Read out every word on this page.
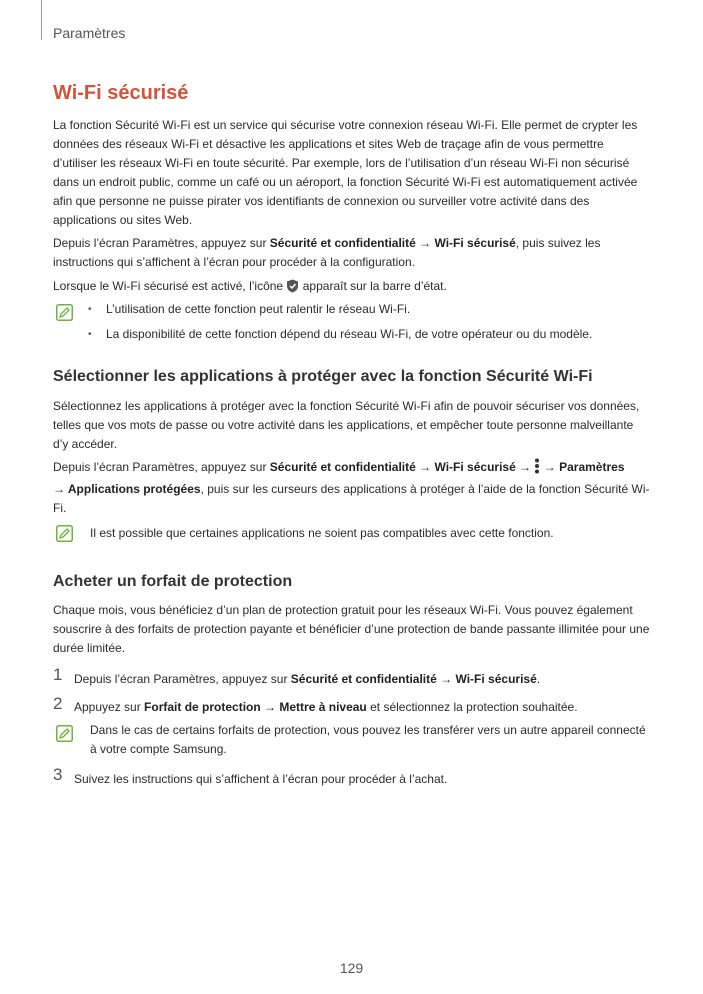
Paramètres
Wi-Fi sécurisé
La fonction Sécurité Wi-Fi est un service qui sécurise votre connexion réseau Wi-Fi. Elle permet de crypter les données des réseaux Wi-Fi et désactive les applications et sites Web de traçage afin de vous permettre d’utiliser les réseaux Wi-Fi en toute sécurité. Par exemple, lors de l’utilisation d’un réseau Wi-Fi non sécurisé dans un endroit public, comme un café ou un aéroport, la fonction Sécurité Wi-Fi est automatiquement activée afin que personne ne puisse pirater vos identifiants de connexion ou surveiller votre activité dans des applications ou sites Web.
Depuis l’écran Paramètres, appuyez sur Sécurité et confidentialité → Wi-Fi sécurisé, puis suivez les instructions qui s’affichent à l’écran pour procéder à la configuration.
Lorsque le Wi-Fi sécurisé est activé, l’icône  apparaît sur la barre d’état.
• L’utilisation de cette fonction peut ralentir le réseau Wi-Fi.
• La disponibilité de cette fonction dépend du réseau Wi-Fi, de votre opérateur ou du modèle.
Sélectionner les applications à protéger avec la fonction Sécurité Wi-Fi
Sélectionnez les applications à protéger avec la fonction Sécurité Wi-Fi afin de pouvoir sécuriser vos données, telles que vos mots de passe ou votre activité dans les applications, et empêcher toute personne malveillante d’y accéder.
Depuis l’écran Paramètres, appuyez sur Sécurité et confidentialité → Wi-Fi sécurisé →  → Paramètres
→ Applications protégées, puis sur les curseurs des applications à protéger à l’aide de la fonction Sécurité Wi-Fi.
Il est possible que certaines applications ne soient pas compatibles avec cette fonction.
Acheter un forfait de protection
Chaque mois, vous bénéficiez d’un plan de protection gratuit pour les réseaux Wi-Fi. Vous pouvez également souscrire à des forfaits de protection payante et bénéficier d’une protection de bande passante illimitée pour une durée limitée.
1 Depuis l’écran Paramètres, appuyez sur Sécurité et confidentialité → Wi-Fi sécurisé.
2 Appuyez sur Forfait de protection → Mettre à niveau et sélectionnez la protection souhaitée.
Dans le cas de certains forfaits de protection, vous pouvez les transférer vers un autre appareil connecté à votre compte Samsung.
3 Suivez les instructions qui s’affichent à l’écran pour procéder à l’achat.
129
